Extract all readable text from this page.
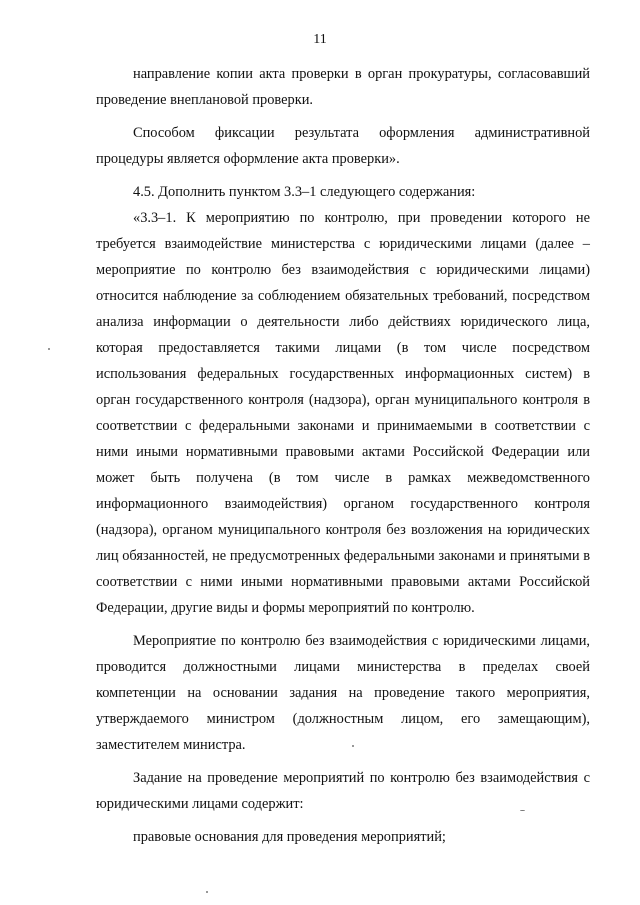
11

направление копии акта проверки в орган прокуратуры, согласовавший проведение внеплановой проверки.

Способом фиксации результата оформления административной процедуры является оформление акта проверки».

4.5. Дополнить пунктом 3.3–1 следующего содержания:

«3.3–1. К мероприятию по контролю, при проведении которого не требуется взаимодействие министерства с юридическими лицами (далее – мероприятие по контролю без взаимодействия с юридическими лицами) относится наблюдение за соблюдением обязательных требований, посредством анализа информации о деятельности либо действиях юридического лица, которая предоставляется такими лицами (в том числе посредством использования федеральных государственных информационных систем) в орган государственного контроля (надзора), орган муниципального контроля в соответствии с федеральными законами и принимаемыми в соответствии с ними иными нормативными правовыми актами Российской Федерации или может быть получена (в том числе в рамках межведомственного информационного взаимодействия) органом государственного контроля (надзора), органом муниципального контроля без возложения на юридических лиц обязанностей, не предусмотренных федеральными законами и принятыми в соответствии с ними иными нормативными правовыми актами Российской Федерации, другие виды и формы мероприятий по контролю.

Мероприятие по контролю без взаимодействия с юридическими лицами, проводится должностными лицами министерства в пределах своей компетенции на основании задания на проведение такого мероприятия, утверждаемого министром (должностным лицом, его замещающим), заместителем министра.

Задание на проведение мероприятий по контролю без взаимодействия с юридическими лицами содержит:

правовые основания для проведения мероприятий;
